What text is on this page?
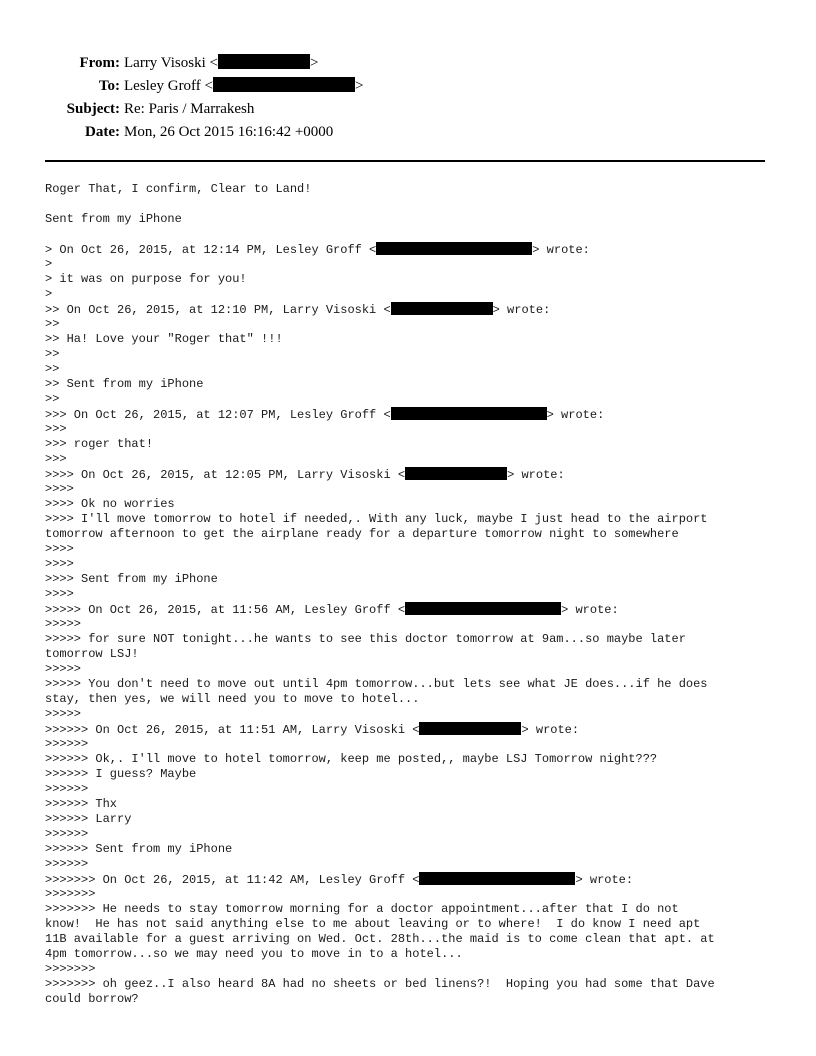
From: Larry Visoski <	>
To: Lesley Groff <	>
Subject: Re: Paris / Marrakesh
Date: Mon, 26 Oct 2015 16:16:42 +0000
Roger That, I confirm, Clear to Land!
Sent from my iPhone
> On Oct 26, 2015, at 12:14 PM, Lesley Groff <	> wrote:
>
> it was on purpose for you!
>
>> On Oct 26, 2015, at 12:10 PM, Larry Visoski <	> wrote:
>>
>> Ha! Love your "Roger that" !!!
>>
>>
>> Sent from my iPhone
>>
>>> On Oct 26, 2015, at 12:07 PM, Lesley Groff <	> wrote:
>>>
>>> roger that!
>>>
>>>> On Oct 26, 2015, at 12:05 PM, Larry Visoski <	> wrote:
>>>>
>>>> Ok no worries
>>>> I'll move tomorrow to hotel if needed,. With any luck, maybe I just head to the airport
tomorrow afternoon to get the airplane ready for a departure tomorrow night to somewhere
>>>>
>>>>
>>>> Sent from my iPhone
>>>>
>>>>> On Oct 26, 2015, at 11:56 AM, Lesley Groff <	> wrote:
>>>>>
>>>>> for sure NOT tonight...he wants to see this doctor tomorrow at 9am...so maybe later
tomorrow LSJ!
>>>>>
>>>>> You don't need to move out until 4pm tomorrow...but lets see what JE does...if he does
stay, then yes, we will need you to move to hotel...
>>>>>
>>>>>> On Oct 26, 2015, at 11:51 AM, Larry Visoski <	> wrote:
>>>>>>
>>>>>> Ok,. I'll move to hotel tomorrow, keep me posted,, maybe LSJ Tomorrow night???
>>>>>> I guess? Maybe
>>>>>>
>>>>>> Thx
>>>>>> Larry
>>>>>>
>>>>>> Sent from my iPhone
>>>>>>
>>>>>>> On Oct 26, 2015, at 11:42 AM, Lesley Groff <	> wrote:
>>>>>>>
>>>>>>> He needs to stay tomorrow morning for a doctor appointment...after that I do not
know!  He has not said anything else to me about leaving or to where!  I do know I need apt
11B available for a guest arriving on Wed. Oct. 28th...the maid is to come clean that apt. at
4pm tomorrow...so we may need you to move in to a hotel...
>>>>>>>
>>>>>>> oh geez..I also heard 8A had no sheets or bed linens?!  Hoping you had some that Dave
could borrow?
